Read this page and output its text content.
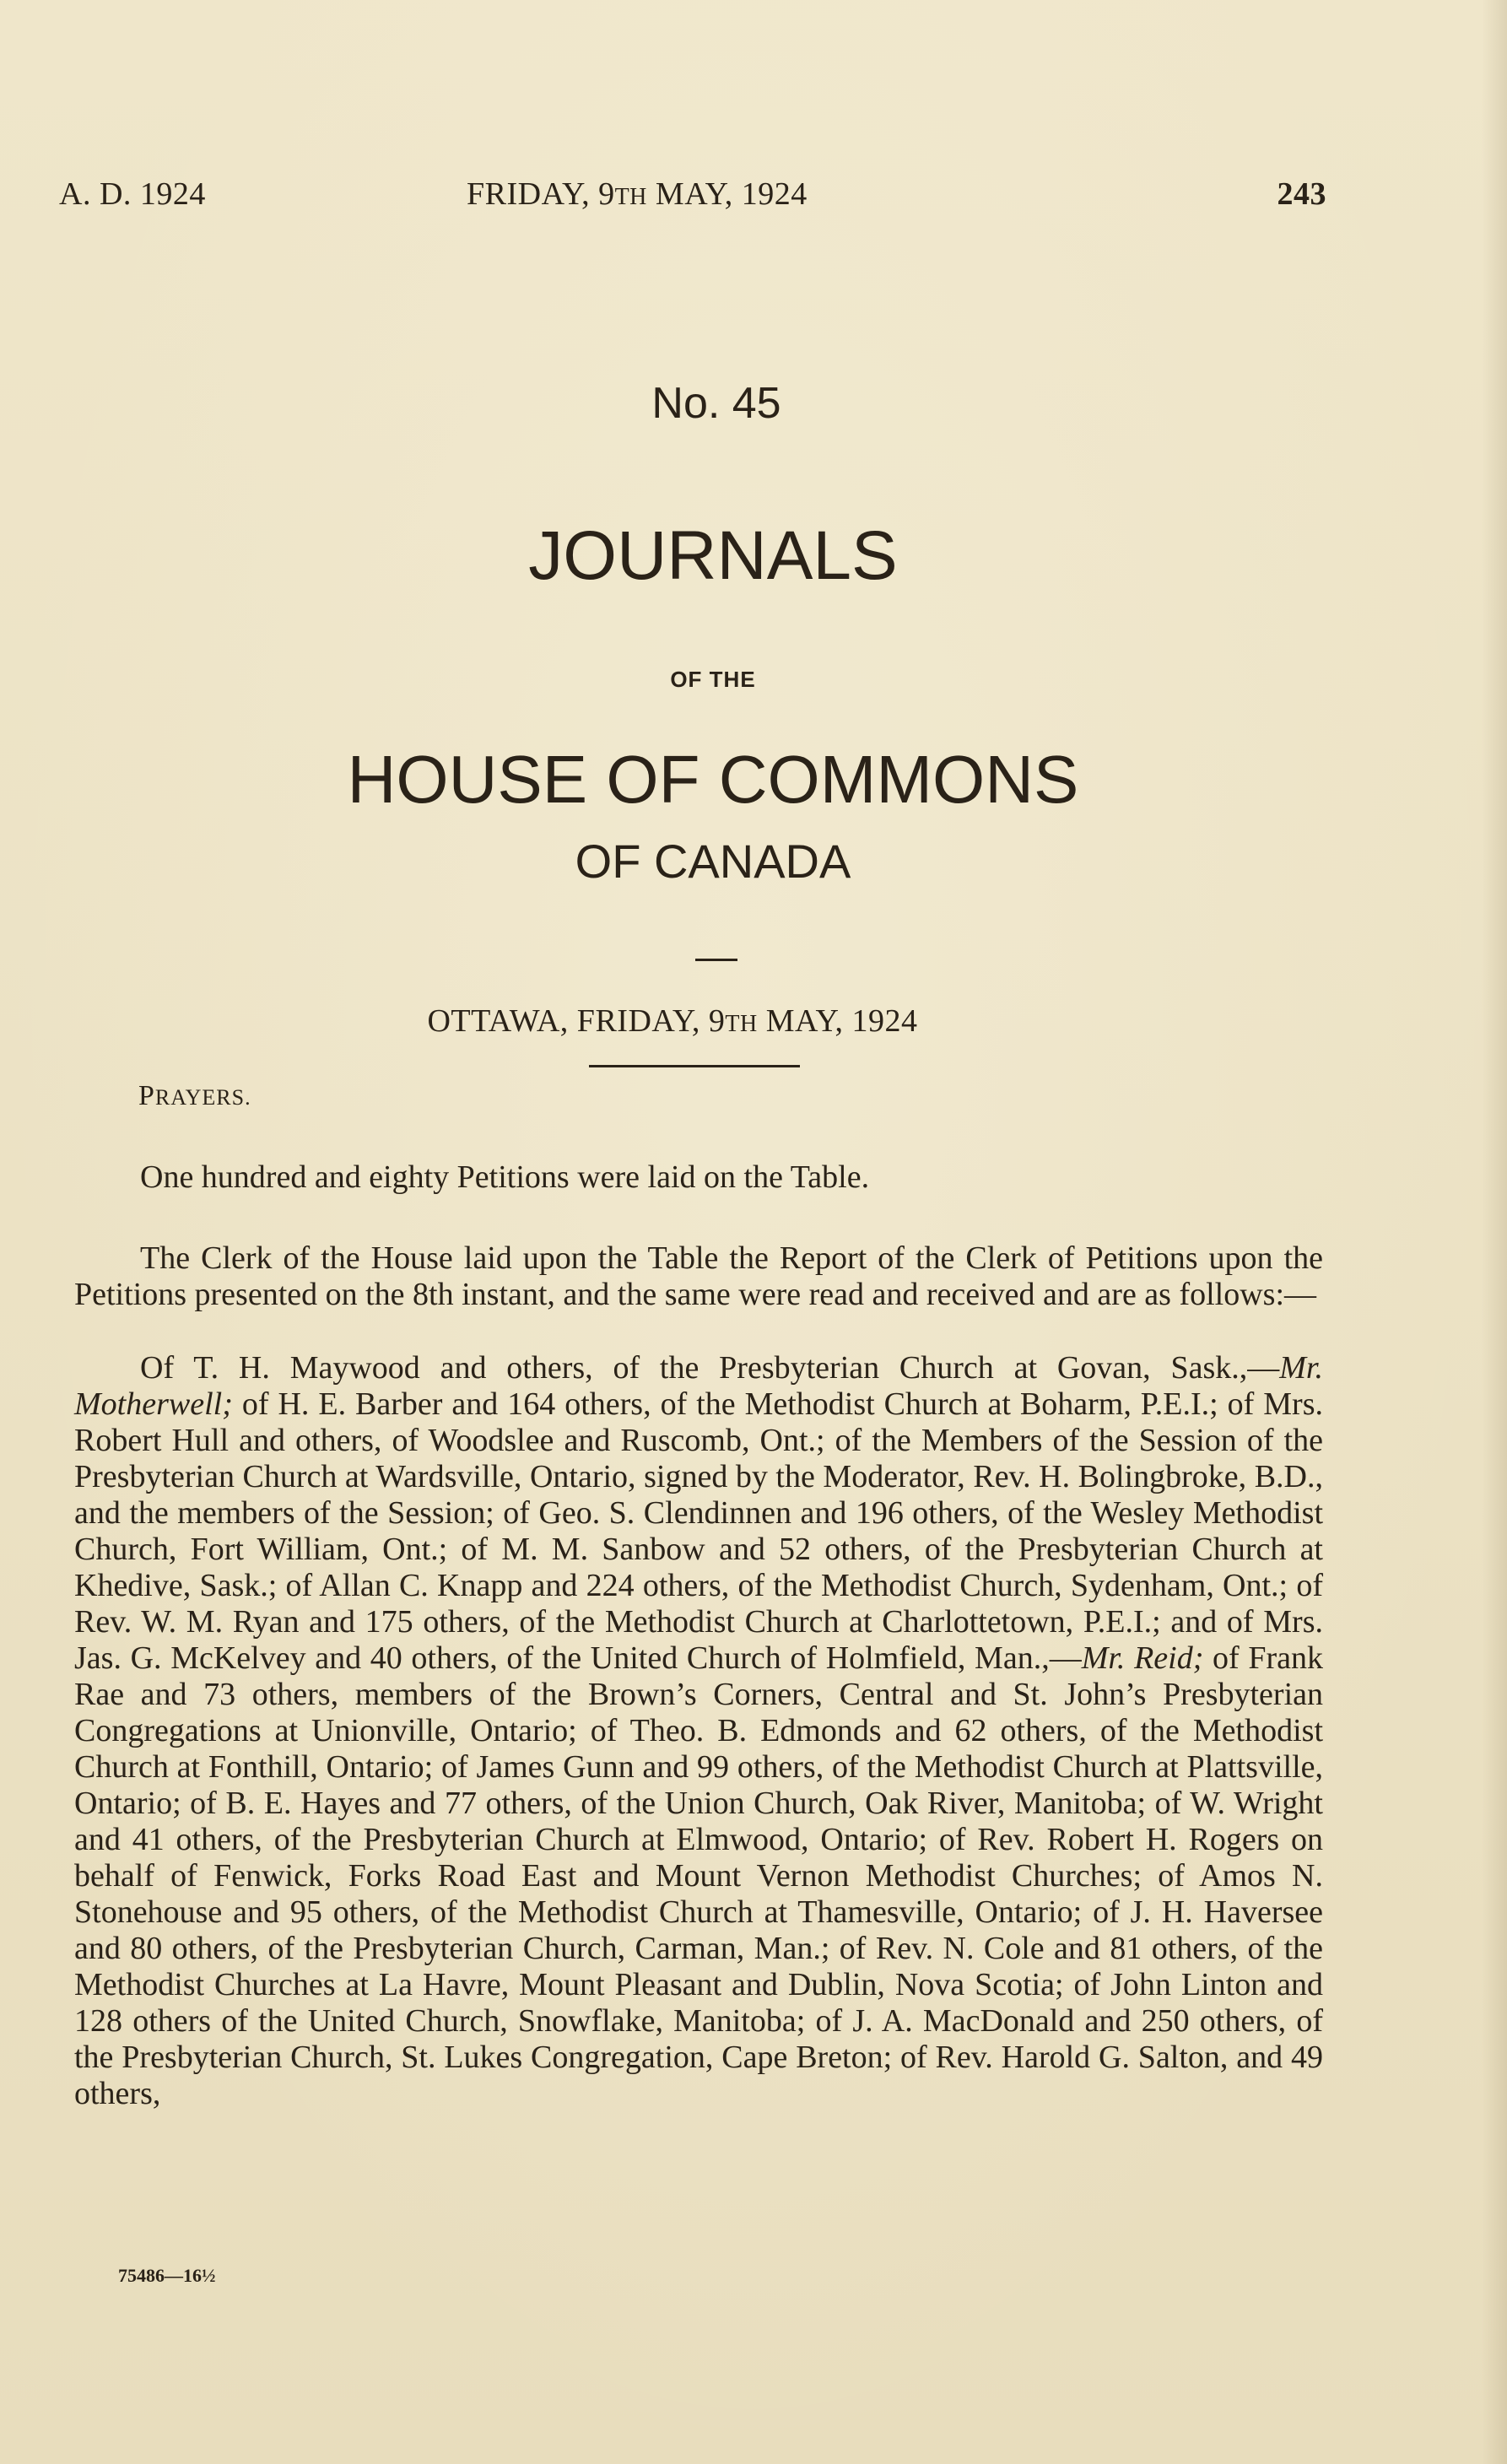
A. D. 1924	FRIDAY, 9TH MAY, 1924	243
No. 45
JOURNALS
OF THE
HOUSE OF COMMONS
OF CANADA
OTTAWA, FRIDAY, 9TH MAY, 1924
PRAYERS.
One hundred and eighty Petitions were laid on the Table.
The Clerk of the House laid upon the Table the Report of the Clerk of Petitions upon the Petitions presented on the 8th instant, and the same were read and received and are as follows:—
Of T. H. Maywood and others, of the Presbyterian Church at Govan, Sask.,—Mr. Motherwell; of H. E. Barber and 164 others, of the Methodist Church at Boharm, P.E.I.; of Mrs. Robert Hull and others, of Woodslee and Ruscomb, Ont.; of the Members of the Session of the Presbyterian Church at Wardsville, Ontario, signed by the Moderator, Rev. H. Bolingbroke, B.D., and the members of the Session; of Geo. S. Clendinnen and 196 others, of the Wesley Methodist Church, Fort William, Ont.; of M. M. Sanbow and 52 others, of the Presbyterian Church at Khedive, Sask.; of Allan C. Knapp and 224 others, of the Methodist Church, Sydenham, Ont.; of Rev. W. M. Ryan and 175 others, of the Methodist Church at Charlottetown, P.E.I.; and of Mrs. Jas. G. McKelvey and 40 others, of the United Church of Holmfield, Man.,—Mr. Reid; of Frank Rae and 73 others, members of the Brown’s Corners, Central and St. John’s Presbyterian Congregations at Unionville, Ontario; of Theo. B. Edmonds and 62 others, of the Methodist Church at Fonthill, Ontario; of James Gunn and 99 others, of the Methodist Church at Plattsville, Ontario; of B. E. Hayes and 77 others, of the Union Church, Oak River, Manitoba; of W. Wright and 41 others, of the Presbyterian Church at Elmwood, Ontario; of Rev. Robert H. Rogers on behalf of Fenwick, Forks Road East and Mount Vernon Methodist Churches; of Amos N. Stonehouse and 95 others, of the Methodist Church at Thamesville, Ontario; of J. H. Haversee and 80 others, of the Presbyterian Church, Carman, Man.; of Rev. N. Cole and 81 others, of the Methodist Churches at La Havre, Mount Pleasant and Dublin, Nova Scotia; of John Linton and 128 others of the United Church, Snowflake, Manitoba; of J. A. MacDonald and 250 others, of the Presbyterian Church, St. Lukes Congregation, Cape Breton; of Rev. Harold G. Salton, and 49 others,
75486—16½
